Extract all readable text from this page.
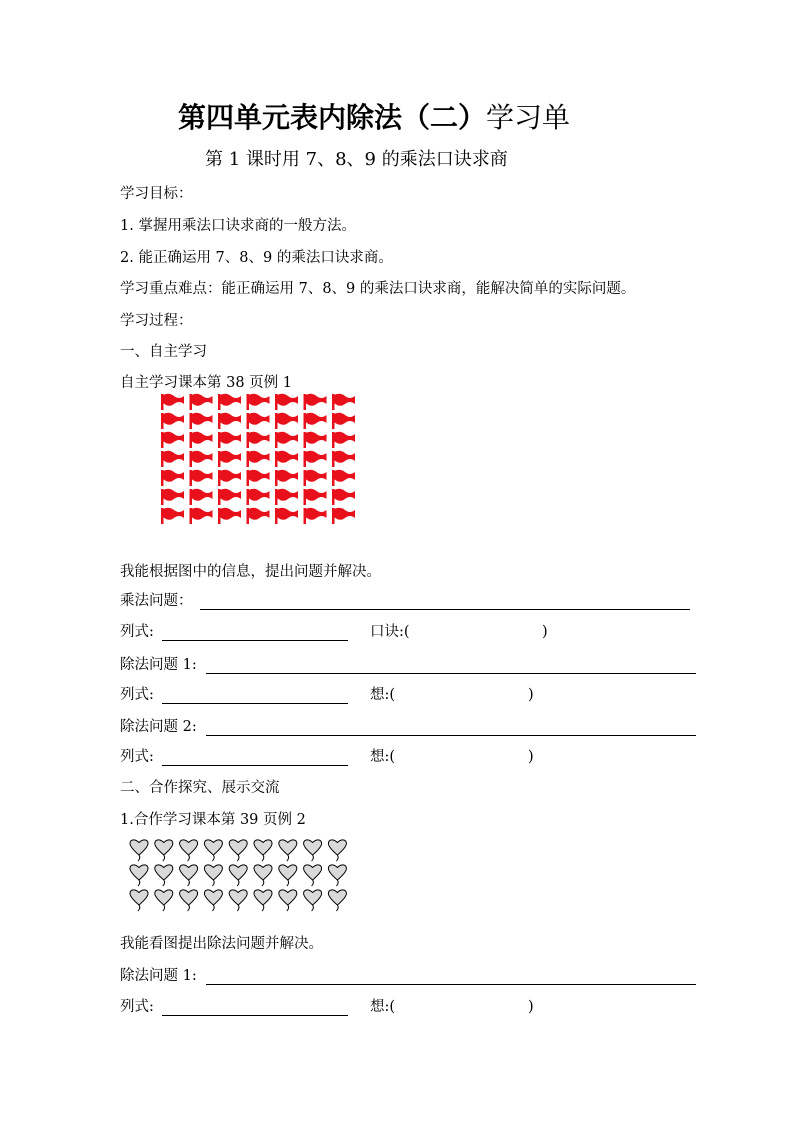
第四单元表内除法（二）学习单
第 1 课时用 7、8、9 的乘法口诀求商
学习目标：
1. 掌握用乘法口诀求商的一般方法。
2. 能正确运用 7、8、9 的乘法口诀求商。
学习重点难点：能正确运用 7、8、9 的乘法口诀求商，能解决简单的实际问题。
学习过程：
一、自主学习
自主学习课本第 38 页例 1
我能根据图中的信息，提出问题并解决。
乘法问题：
列式:	口诀:(	)
除法问题 1:
列式:	想:(	)
除法问题 2:
列式:	想:(	)
二、合作探究、展示交流
1.合作学习课本第 39 页例 2
我能看图提出除法问题并解决。
除法问题 1:
列式:	想:(	)
